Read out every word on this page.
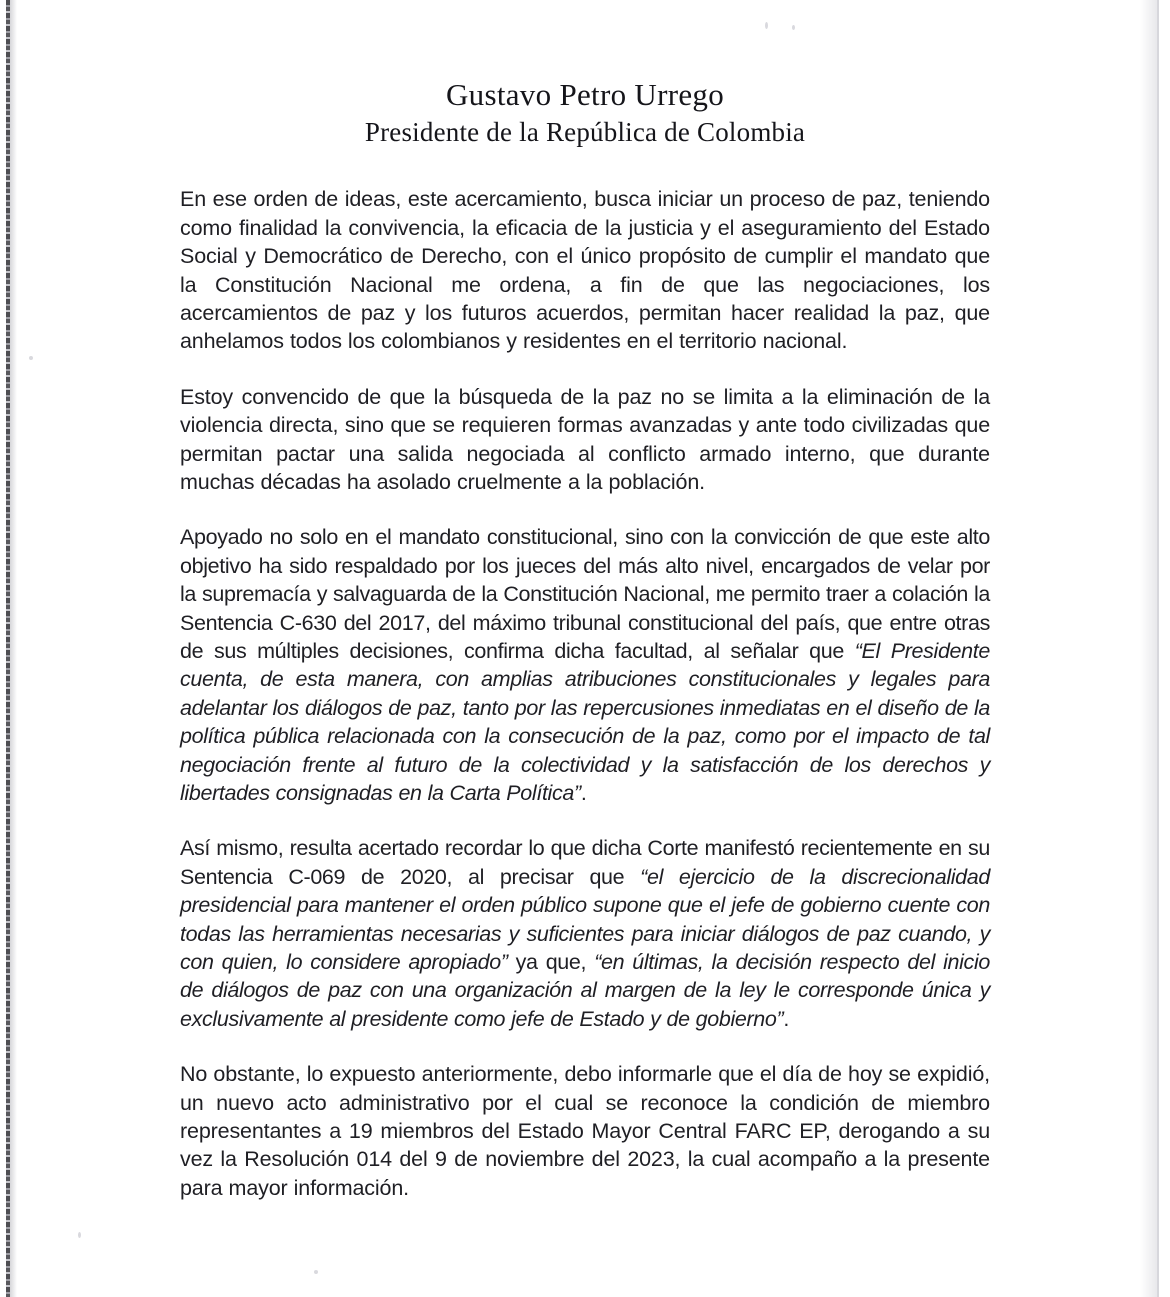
Gustavo Petro Urrego
Presidente de la República de Colombia

En ese orden de ideas, este acercamiento, busca iniciar un proceso de paz, teniendo como finalidad la convivencia, la eficacia de la justicia y el aseguramiento del Estado Social y Democrático de Derecho, con el único propósito de cumplir el mandato que la Constitución Nacional me ordena, a fin de que las negociaciones, los acercamientos de paz y los futuros acuerdos, permitan hacer realidad la paz, que anhelamos todos los colombianos y residentes en el territorio nacional.

Estoy convencido de que la búsqueda de la paz no se limita a la eliminación de la violencia directa, sino que se requieren formas avanzadas y ante todo civilizadas que permitan pactar una salida negociada al conflicto armado interno, que durante muchas décadas ha asolado cruelmente a la población.

Apoyado no solo en el mandato constitucional, sino con la convicción de que este alto objetivo ha sido respaldado por los jueces del más alto nivel, encargados de velar por la supremacía y salvaguarda de la Constitución Nacional, me permito traer a colación la Sentencia C-630 del 2017, del máximo tribunal constitucional del país, que entre otras de sus múltiples decisiones, confirma dicha facultad, al señalar que “El Presidente cuenta, de esta manera, con amplias atribuciones constitucionales y legales para adelantar los diálogos de paz, tanto por las repercusiones inmediatas en el diseño de la política pública relacionada con la consecución de la paz, como por el impacto de tal negociación frente al futuro de la colectividad y la satisfacción de los derechos y libertades consignadas en la Carta Política”.

Así mismo, resulta acertado recordar lo que dicha Corte manifestó recientemente en su Sentencia C-069 de 2020, al precisar que “el ejercicio de la discrecionalidad presidencial para mantener el orden público supone que el jefe de gobierno cuente con todas las herramientas necesarias y suficientes para iniciar diálogos de paz cuando, y con quien, lo considere apropiado” ya que, “en últimas, la decisión respecto del inicio de diálogos de paz con una organización al margen de la ley le corresponde única y exclusivamente al presidente como jefe de Estado y de gobierno”.

No obstante, lo expuesto anteriormente, debo informarle que el día de hoy se expidió, un nuevo acto administrativo por el cual se reconoce la condición de miembro representantes a 19 miembros del Estado Mayor Central FARC EP, derogando a su vez la Resolución 014 del 9 de noviembre del 2023, la cual acompaño a la presente para mayor información.
